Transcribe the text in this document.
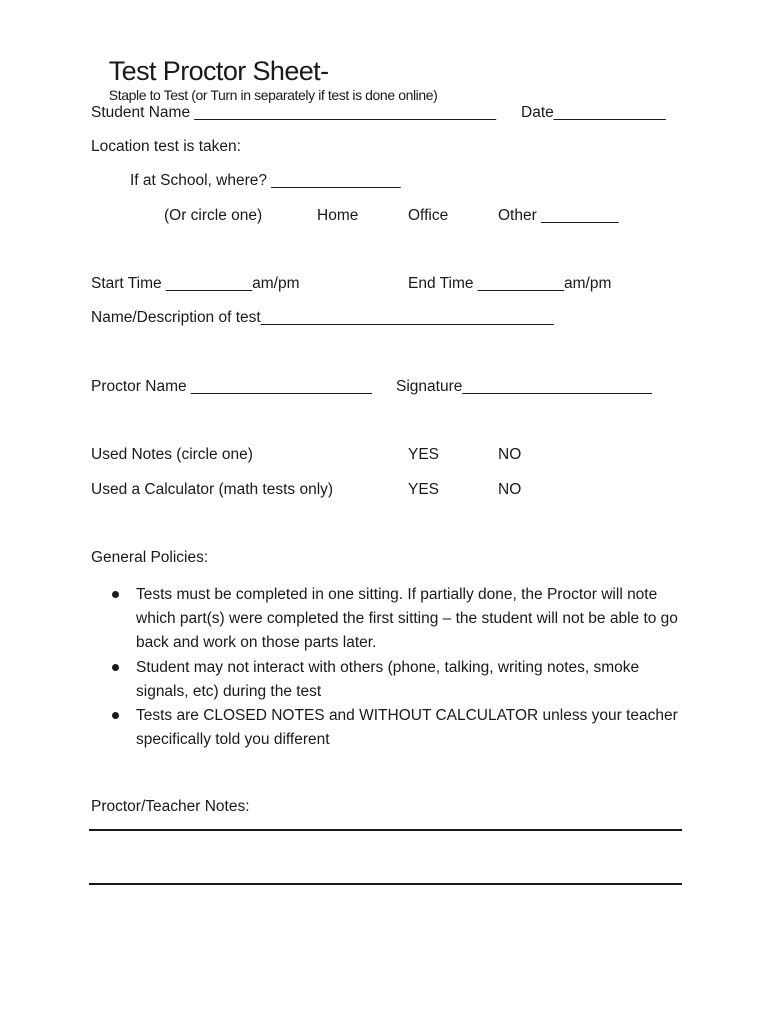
Test Proctor Sheet-
Staple to Test (or Turn in separately if test is done online)

Student Name ___________________________________ Date_____________
Location test is taken:
If at School, where? _______________
(Or circle one)	Home	Office	Other _________
Start Time __________am/pm	End Time __________am/pm
Name/Description of test__________________________________
Proctor Name _____________________ Signature______________________
Used Notes (circle one)	YES	NO
Used a Calculator (math tests only)	YES	NO
General Policies:
Tests must be completed in one sitting. If partially done, the Proctor will note which part(s) were completed the first sitting – the student will not be able to go back and work on those parts later.
Student may not interact with others (phone, talking, writing notes, smoke signals, etc) during the test
Tests are CLOSED NOTES and WITHOUT CALCULATOR unless your teacher specifically told you different
Proctor/Teacher Notes:
